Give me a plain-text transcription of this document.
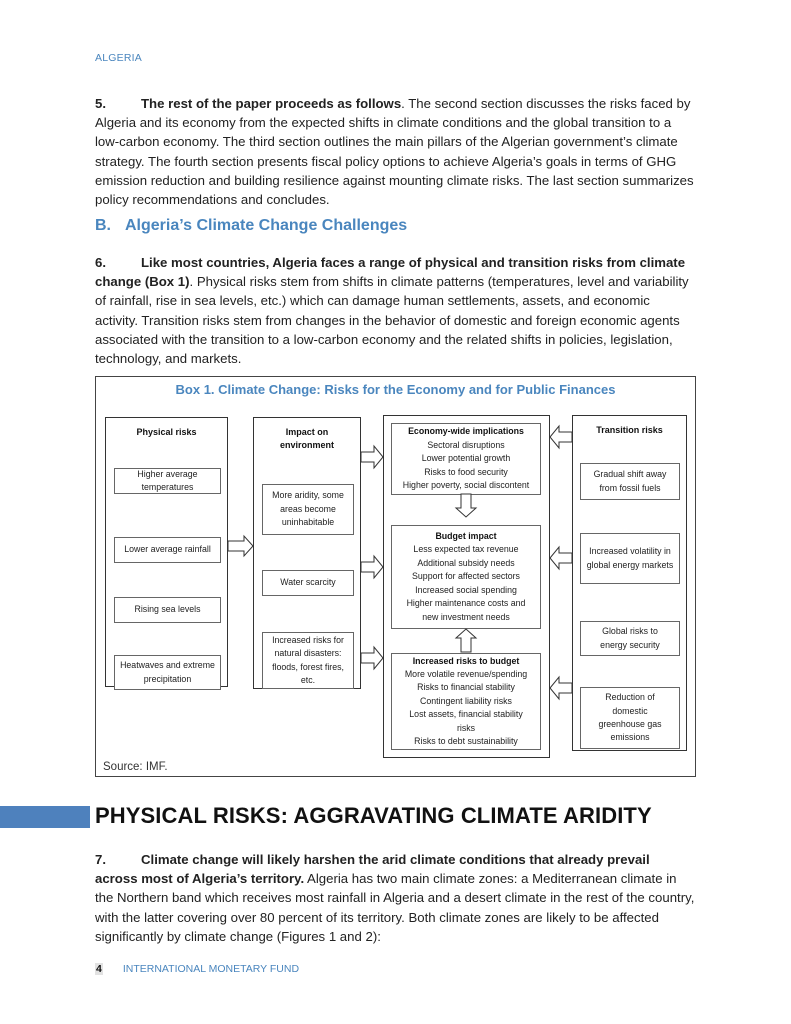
ALGERIA

5.	The rest of the paper proceeds as follows. The second section discusses the risks faced by Algeria and its economy from the expected shifts in climate conditions and the global transition to a low-carbon economy. The third section outlines the main pillars of the Algerian government’s climate strategy. The fourth section presents fiscal policy options to achieve Algeria’s goals in terms of GHG emission reduction and building resilience against mounting climate risks. The last section summarizes policy recommendations and concludes.

B. Algeria’s Climate Change Challenges

6.	Like most countries, Algeria faces a range of physical and transition risks from climate change (Box 1). Physical risks stem from shifts in climate patterns (temperatures, level and variability of rainfall, rise in sea levels, etc.) which can damage human settlements, assets, and economic activity. Transition risks stem from changes in the behavior of domestic and foreign economic agents associated with the transition to a low-carbon economy and the related shifts in policies, legislation, technology, and markets.

Box 1. Climate Change: Risks for the Economy and for Public Finances
Physical risks
Higher average temperatures
Lower average rainfall
Rising sea levels
Heatwaves and extreme precipitation
Impact on environment
More aridity, some areas become uninhabitable
Water scarcity
Increased risks for natural disasters: floods, forest fires, etc.
Economy-wide implications
Sectoral disruptions
Lower potential growth
Risks to food security
Higher poverty, social discontent
Budget impact
Less expected tax revenue
Additional subsidy needs
Support for affected sectors
Increased social spending
Higher maintenance costs and new investment needs
Increased risks to budget
More volatile revenue/spending
Risks to financial stability
Contingent liability risks
Lost assets, financial stability risks
Risks to debt sustainability
Transition risks
Gradual shift away from fossil fuels
Increased volatility in global energy markets
Global risks to energy security
Reduction of domestic greenhouse gas emissions
Source: IMF.
PHYSICAL RISKS: AGGRAVATING CLIMATE ARIDITY

7.	Climate change will likely harshen the arid climate conditions that already prevail across most of Algeria’s territory. Algeria has two main climate zones: a Mediterranean climate in the Northern band which receives most rainfall in Algeria and a desert climate in the rest of the country, with the latter covering over 80 percent of its territory. Both climate zones are likely to be affected significantly by climate change (Figures 1 and 2):

4 INTERNATIONAL MONETARY FUND
